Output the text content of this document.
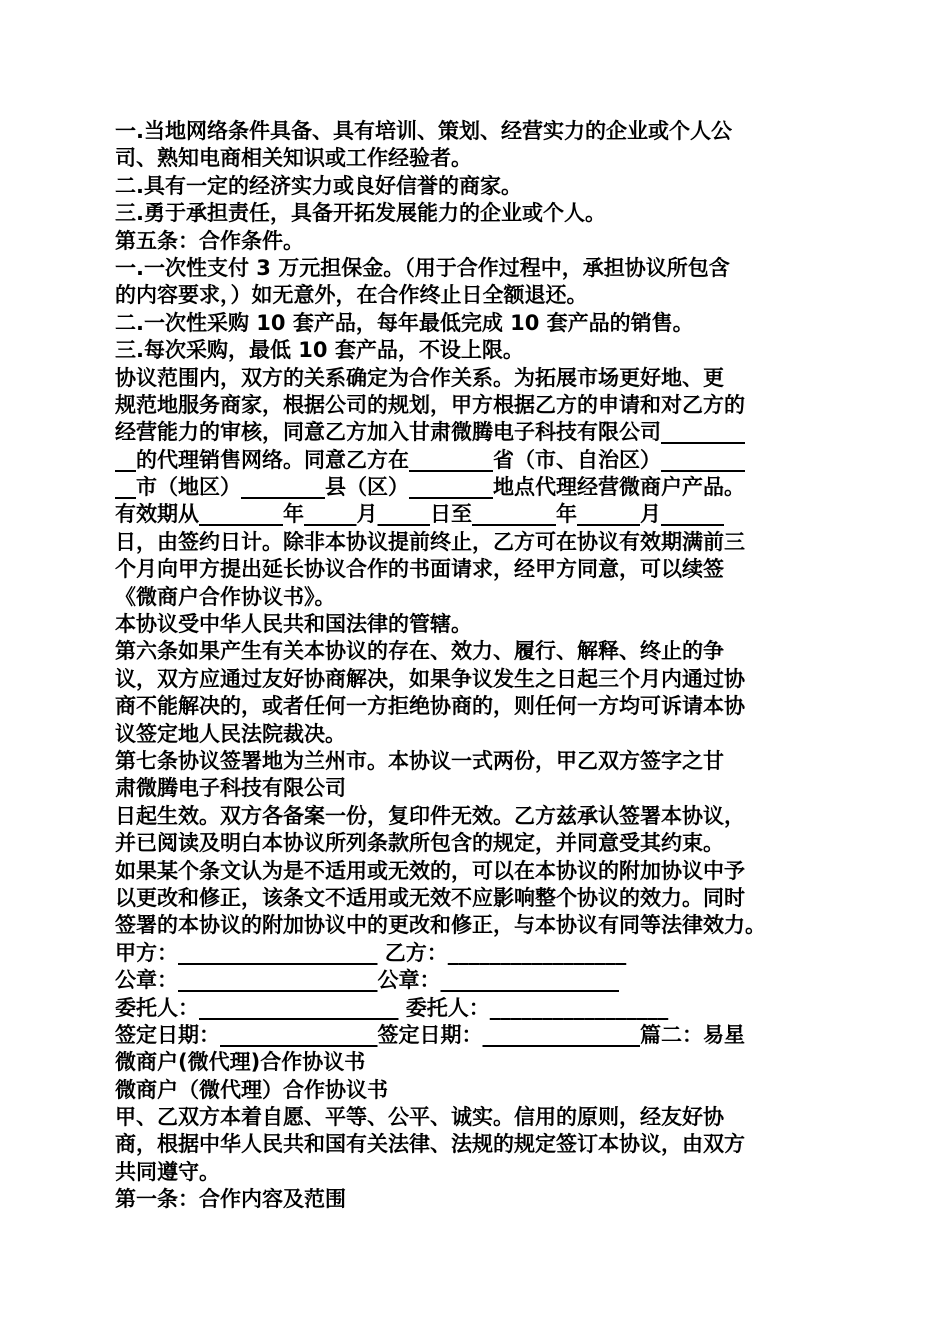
一.当地网络条件具备、具有培训、策划、经营实力的企业或个人公
司、熟知电商相关知识或工作经验者。
二.具有一定的经济实力或良好信誉的商家。
三.勇于承担责任，具备开拓发展能力的企业或个人。
第五条：合作条件。
一.一次性支付 3 万元担保金。（用于合作过程中，承担协议所包含
的内容要求，）如无意外，在合作终止日全额退还。
二.一次性采购 10 套产品，每年最低完成 10 套产品的销售。
三.每次采购，最低 10 套产品，不设上限。
协议范围内，双方的关系确定为合作关系。为拓展市场更好地、更
规范地服务商家，根据公司的规划，甲方根据乙方的申请和对乙方的
经营能力的审核，同意乙方加入甘肃微腾电子科技有限公司________
__的代理销售网络。同意乙方在________省（市、自治区）________
__市（地区）________县（区）________地点代理经营微商户产品。
有效期从________年_____月_____日至________年______月______
日，由签约日计。除非本协议提前终止，乙方可在协议有效期满前三
个月向甲方提出延长协议合作的书面请求，经甲方同意，可以续签
《微商户合作协议书》。
本协议受中华人民共和国法律的管辖。
第六条如果产生有关本协议的存在、效力、履行、解释、终止的争
议，双方应通过友好协商解决，如果争议发生之日起三个月内通过协
商不能解决的，或者任何一方拒绝协商的，则任何一方均可诉请本协
议签定地人民法院裁决。
第七条协议签署地为兰州市。本协议一式两份，甲乙双方签字之甘
肃微腾电子科技有限公司
日起生效。双方各备案一份，复印件无效。乙方兹承认签署本协议，
并已阅读及明白本协议所列条款所包含的规定，并同意受其约束。
如果某个条文认为是不适用或无效的，可以在本协议的附加协议中予
以更改和修正，该条文不适用或无效不应影响整个协议的效力。同时
签署的本协议的附加协议中的更改和修正，与本协议有同等法律效力。
甲方：___________________ 乙方：_________________
公章：___________________公章：_________________
委托人：___________________ 委托人：_________________
签定日期：_______________签定日期：_______________篇二：易星
微商户(微代理)合作协议书
微商户（微代理）合作协议书
甲、乙双方本着自愿、平等、公平、诚实。信用的原则，经友好协
商，根据中华人民共和国有关法律、法规的规定签订本协议，由双方
共同遵守。
第一条：合作内容及范围
